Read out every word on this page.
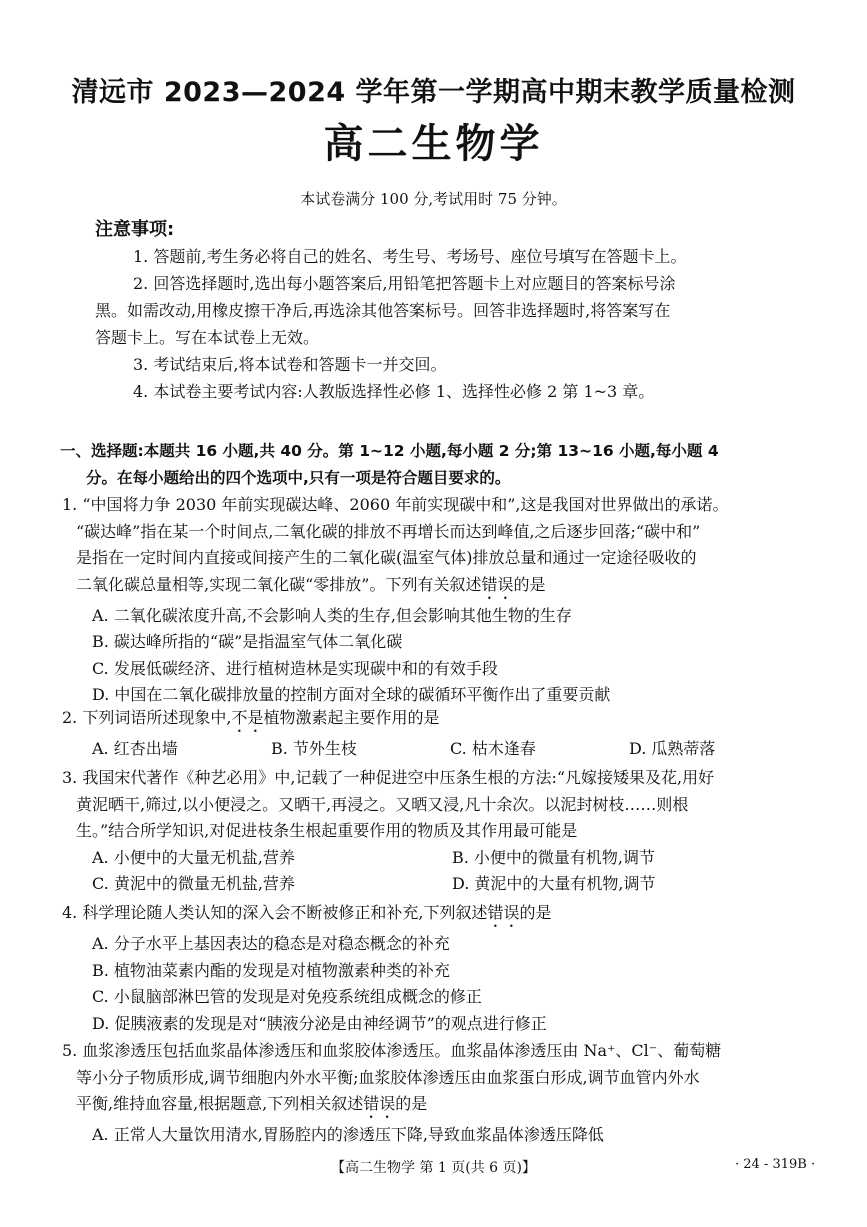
清远市 2023—2024 学年第一学期高中期末教学质量检测
高二生物学
本试卷满分 100 分,考试用时 75 分钟。
注意事项:
1. 答题前,考生务必将自己的姓名、考生号、考场号、座位号填写在答题卡上。
2. 回答选择题时,选出每小题答案后,用铅笔把答题卡上对应题目的答案标号涂
黑。如需改动,用橡皮擦干净后,再选涂其他答案标号。回答非选择题时,将答案写在
答题卡上。写在本试卷上无效。
3. 考试结束后,将本试卷和答题卡一并交回。
4. 本试卷主要考试内容:人教版选择性必修 1、选择性必修 2 第 1~3 章。
一、选择题:本题共 16 小题,共 40 分。第 1~12 小题,每小题 2 分;第 13~16 小题,每小题 4
分。在每小题给出的四个选项中,只有一项是符合题目要求的。
1. “中国将力争 2030 年前实现碳达峰、2060 年前实现碳中和”,这是我国对世界做出的承诺。
“碳达峰”指在某一个时间点,二氧化碳的排放不再增长而达到峰值,之后逐步回落;“碳中和”
是指在一定时间内直接或间接产生的二氧化碳(温室气体)排放总量和通过一定途径吸收的
二氧化碳总量相等,实现二氧化碳“零排放”。下列有关叙述错误的是
A. 二氧化碳浓度升高,不会影响人类的生存,但会影响其他生物的生存
B. 碳达峰所指的“碳”是指温室气体二氧化碳
C. 发展低碳经济、进行植树造林是实现碳中和的有效手段
D. 中国在二氧化碳排放量的控制方面对全球的碳循环平衡作出了重要贡献
2. 下列词语所述现象中,不是植物激素起主要作用的是
A. 红杏出墙	B. 节外生枝	C. 枯木逢春	D. 瓜熟蒂落
3. 我国宋代著作《种艺必用》中,记载了一种促进空中压条生根的方法:“凡嫁接矮果及花,用好
黄泥晒干,筛过,以小便浸之。又晒干,再浸之。又晒又浸,凡十余次。以泥封树枝……则根
生。”结合所学知识,对促进枝条生根起重要作用的物质及其作用最可能是
A. 小便中的大量无机盐,营养	B. 小便中的微量有机物,调节
C. 黄泥中的微量无机盐,营养	D. 黄泥中的大量有机物,调节
4. 科学理论随人类认知的深入会不断被修正和补充,下列叙述错误的是
A. 分子水平上基因表达的稳态是对稳态概念的补充
B. 植物油菜素内酯的发现是对植物激素种类的补充
C. 小鼠脑部淋巴管的发现是对免疫系统组成概念的修正
D. 促胰液素的发现是对“胰液分泌是由神经调节”的观点进行修正
5. 血浆渗透压包括血浆晶体渗透压和血浆胶体渗透压。血浆晶体渗透压由 Na⁺、Cl⁻、葡萄糖
等小分子物质形成,调节细胞内外水平衡;血浆胶体渗透压由血浆蛋白形成,调节血管内外水
平衡,维持血容量,根据题意,下列相关叙述错误的是
A. 正常人大量饮用清水,胃肠腔内的渗透压下降,导致血浆晶体渗透压降低
【高二生物学 第 1 页(共 6 页)】	· 24 - 319B ·
